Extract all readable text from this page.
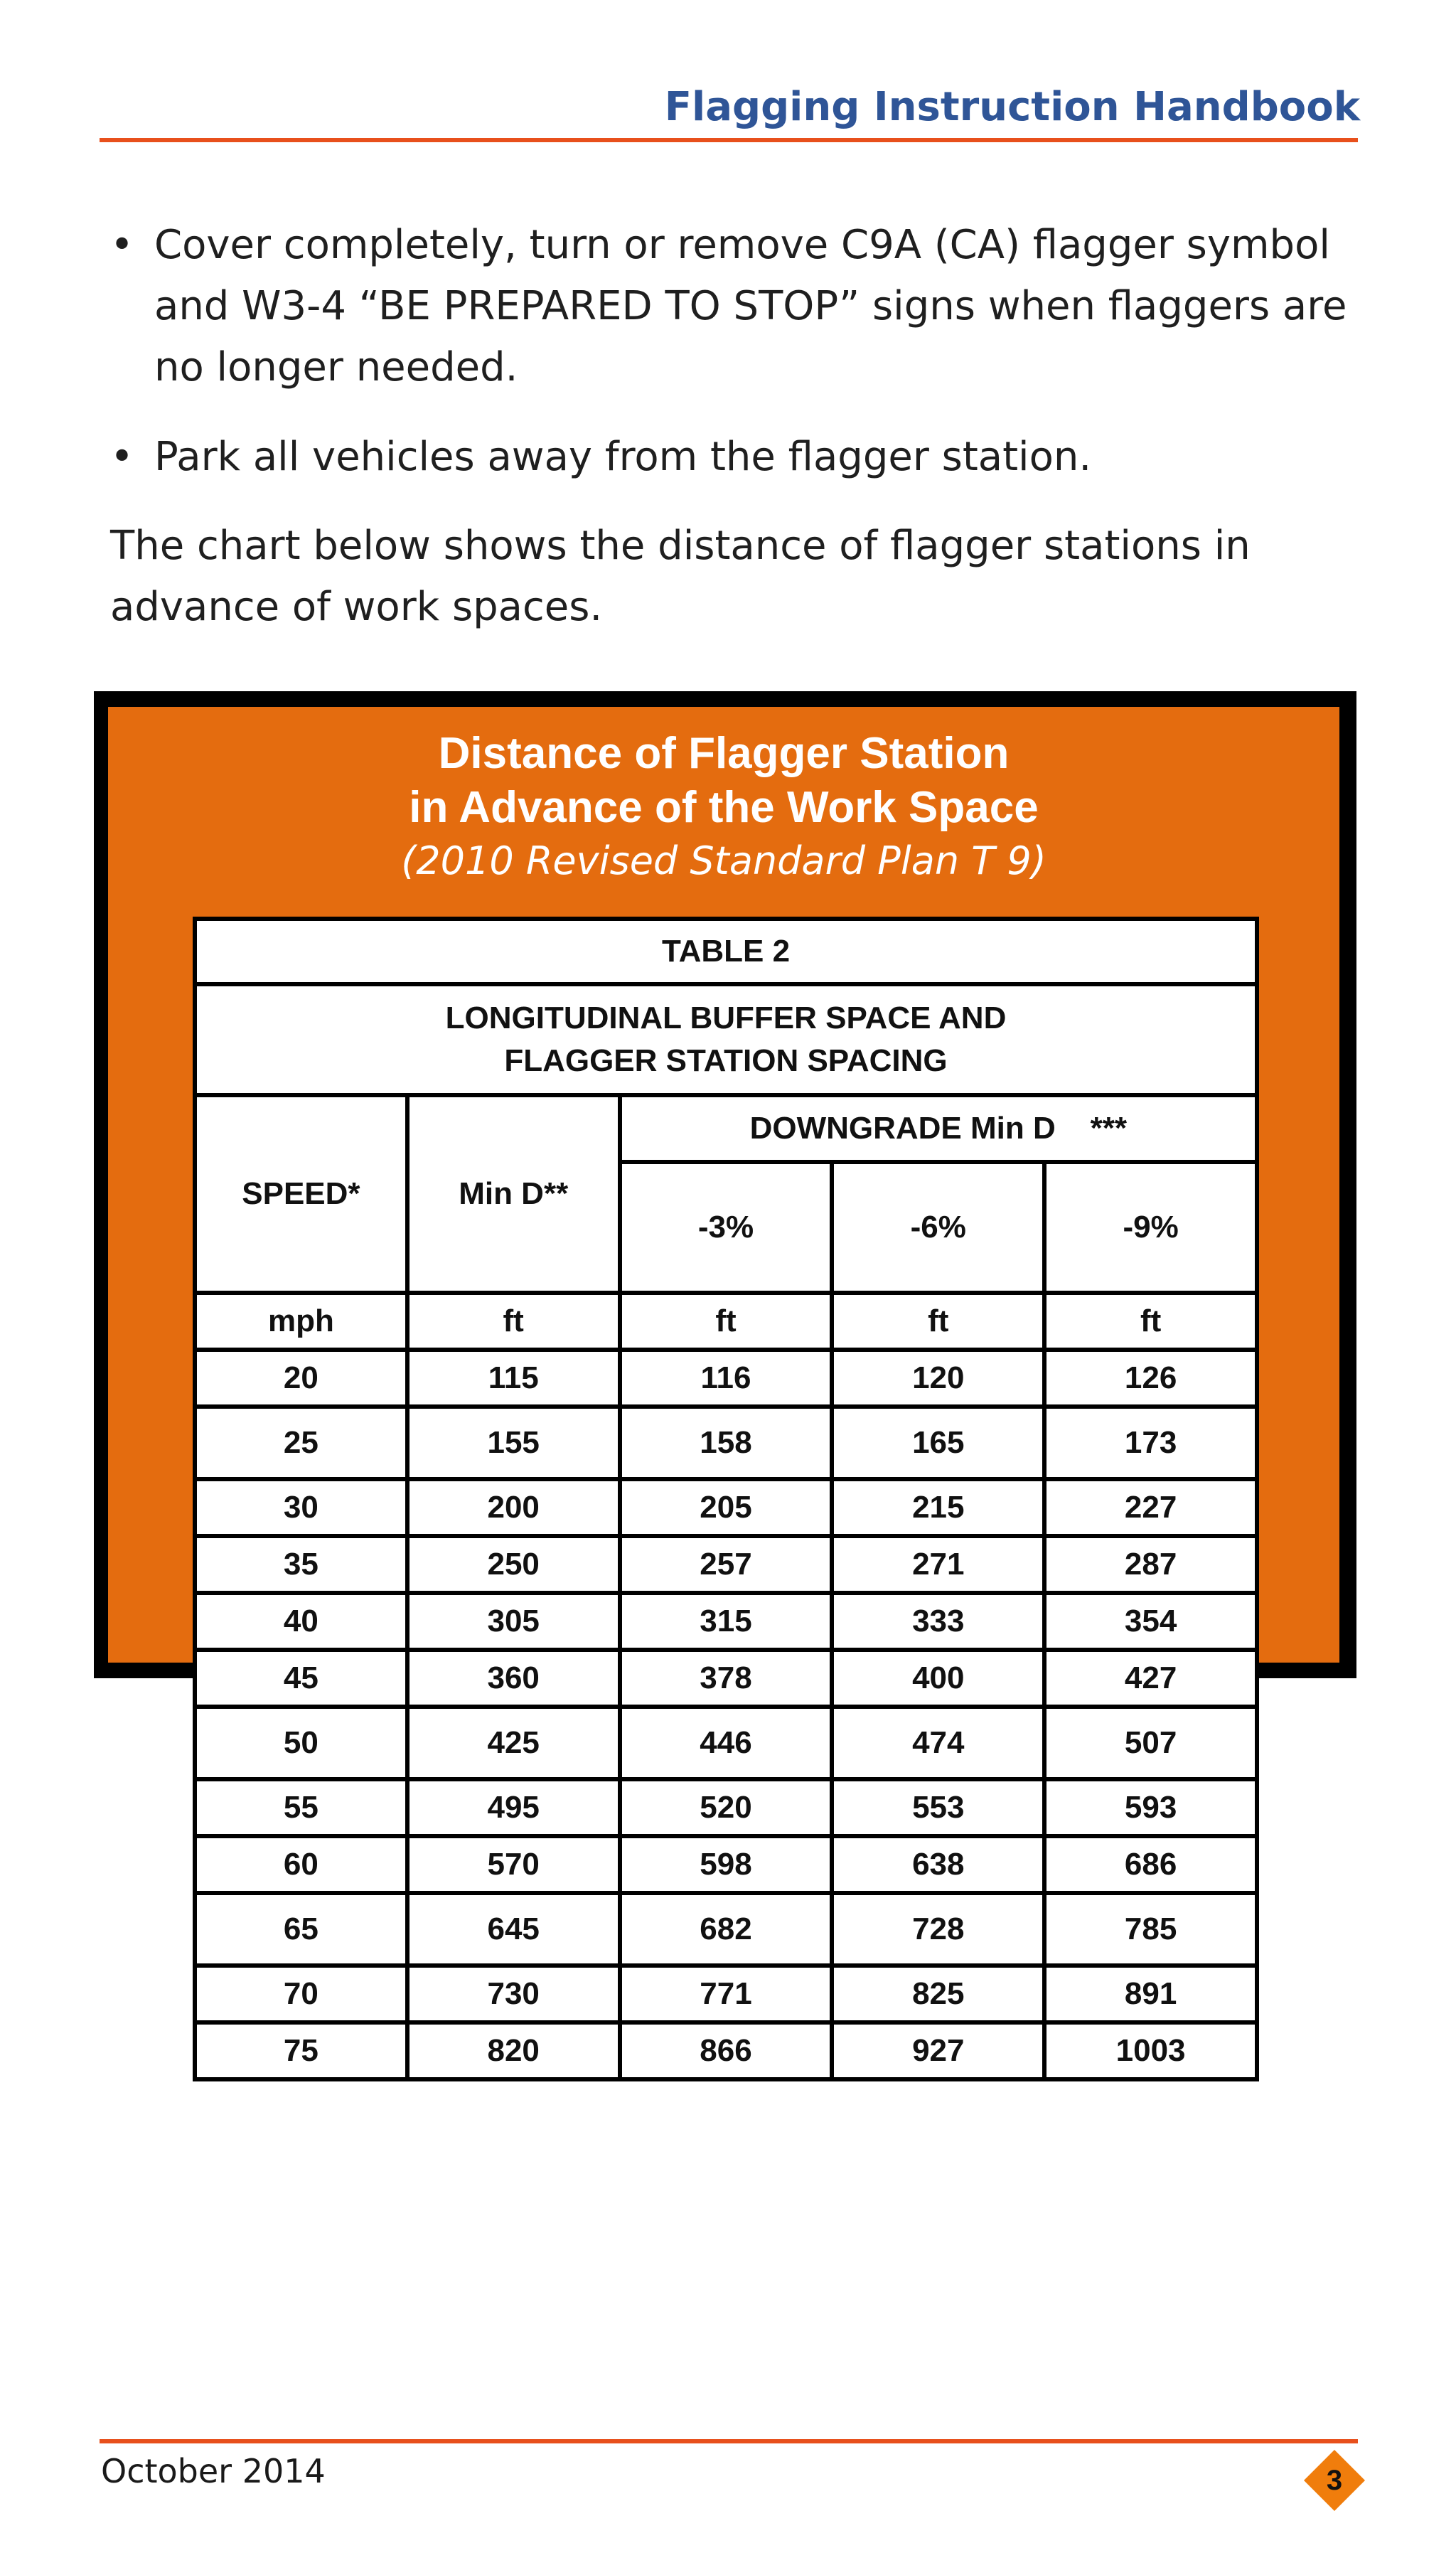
Flagging Instruction Handbook
• Cover completely, turn or remove C9A (CA) flagger symbol and W3-4 “BE PREPARED TO STOP” signs when flaggers are no longer needed.
• Park all vehicles away from the flagger station.
The chart below shows the distance of flagger stations in advance of work spaces.
Distance of Flagger Station
in Advance of the Work Space
(2010 Revised Standard Plan T 9)
TABLE 2				

LONGITUDINAL BUFFER SPACE AND
FLAGGER STATION SPACING				

SPEED*	Min D**	DOWNGRADE Min D    ***		
		-3%	-6%	-9%
mph	ft	ft	ft	ft
20	115	116	120	126
25	155	158	165	173
30	200	205	215	227
35	250	257	271	287
40	305	315	333	354
45	360	378	400	427
50	425	446	474	507
55	495	520	553	593
60	570	598	638	686
65	645	682	728	785
70	730	771	825	891
75	820	866	927	1003
*	Speed is posted speed limit, off peak 85th percentile speed prior to work starting, or the anticipated operating speed in mph.
**	Longitudinal buffer space or flagger station spacing.
***	Use on sustained downgrade steeper than 3 percent and longer than 1 mile.
October 2014	3
